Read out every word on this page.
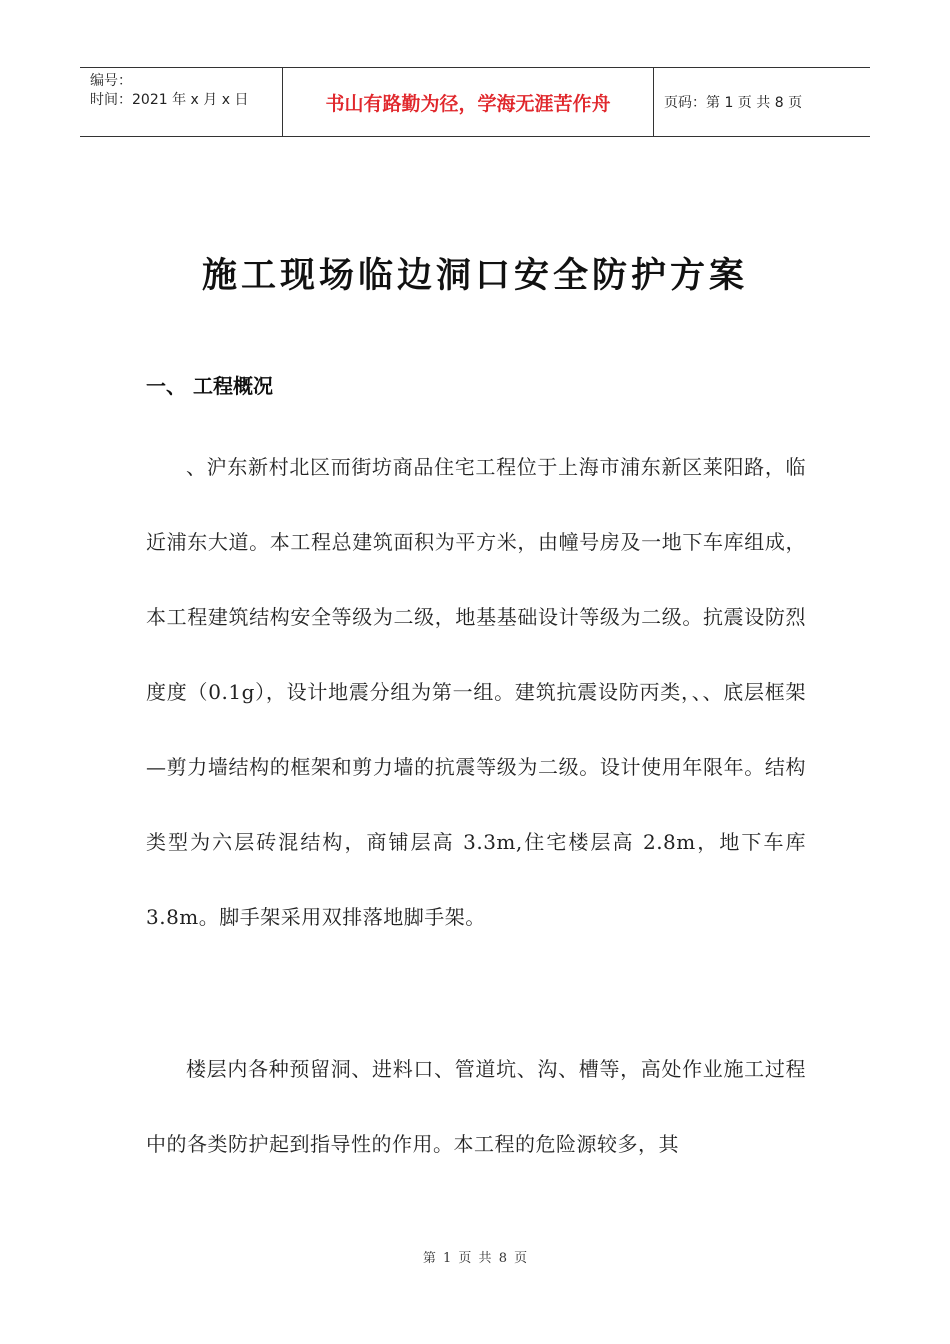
编号：
时间：2021 年 x 月 x 日	书山有路勤为径，学海无涯苦作舟	页码：第 1 页 共 8 页
施工现场临边洞口安全防护方案
一、 工程概况

、沪东新村北区而街坊商品住宅工程位于上海市浦东新区莱阳路，临近浦东大道。本工程总建筑面积为平方米，由幢号房及一地下车库组成，本工程建筑结构安全等级为二级，地基基础设计等级为二级。抗震设防烈度度（0.1g），设计地震分组为第一组。建筑抗震设防丙类，、、底层框架—剪力墙结构的框架和剪力墙的抗震等级为二级。设计使用年限年。结构类型为六层砖混结构，商铺层高 3.3m,住宅楼层高 2.8m，地下车库 3.8m。脚手架采用双排落地脚手架。

楼层内各种预留洞、进料口、管道坑、沟、槽等，高处作业施工过程中的各类防护起到指导性的作用。本工程的危险源较多，其

第 1 页 共 8 页
